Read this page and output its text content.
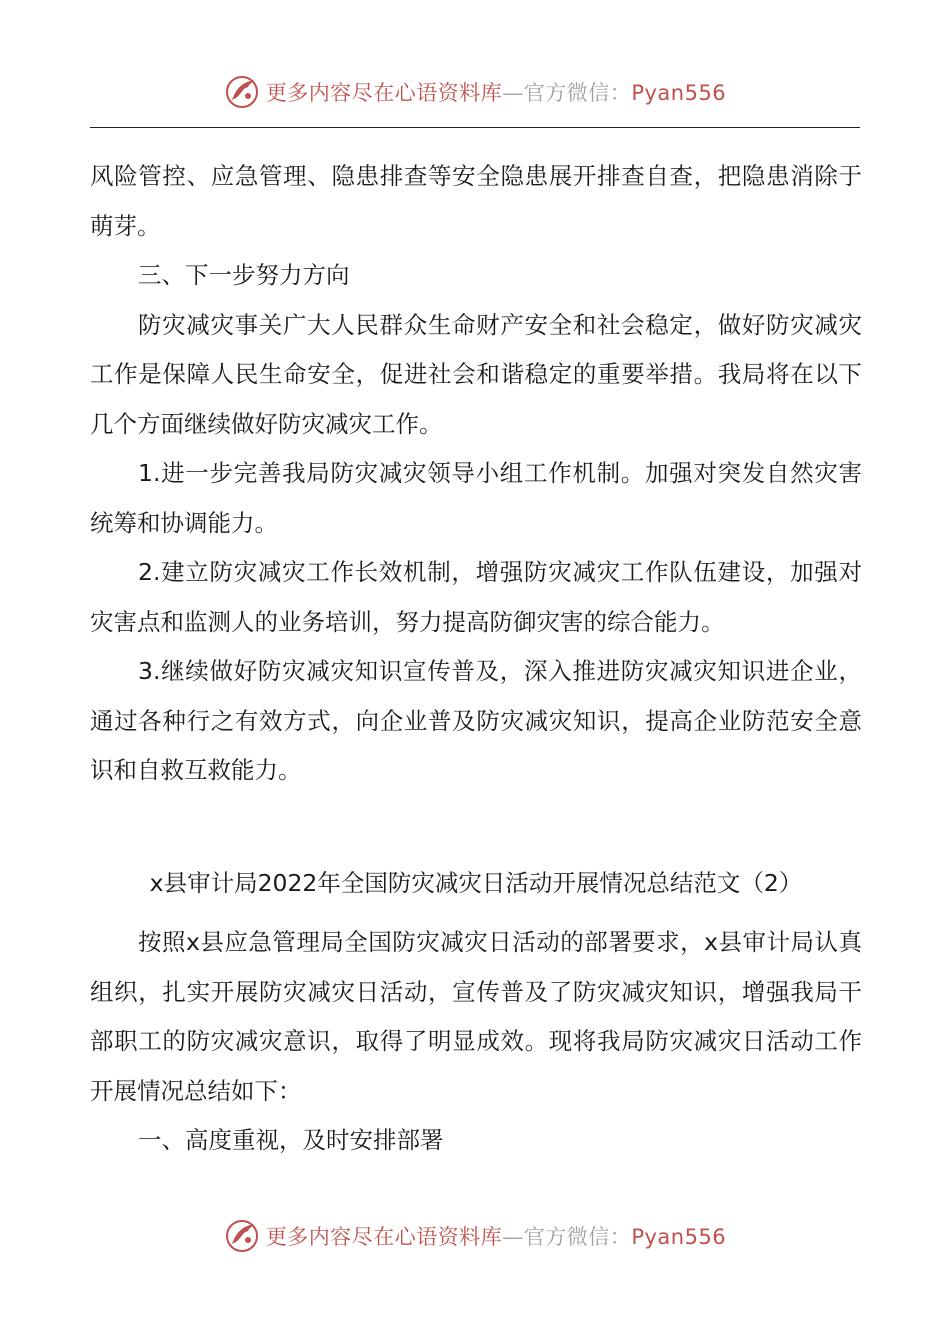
更多内容尽在心语资料库—官方微信：Pyan556

风险管控、应急管理、隐患排查等安全隐患展开排查自查，把隐患消除于萌芽。

三、下一步努力方向

防灾减灾事关广大人民群众生命财产安全和社会稳定，做好防灾减灾工作是保障人民生命安全，促进社会和谐稳定的重要举措。我局将在以下几个方面继续做好防灾减灾工作。

1.进一步完善我局防灾减灾领导小组工作机制。加强对突发自然灾害统筹和协调能力。

2.建立防灾减灾工作长效机制，增强防灾减灾工作队伍建设，加强对灾害点和监测人的业务培训，努力提高防御灾害的综合能力。

3.继续做好防灾减灾知识宣传普及，深入推进防灾减灾知识进企业，通过各种行之有效方式，向企业普及防灾减灾知识，提高企业防范安全意识和自救互救能力。

x县审计局2022年全国防灾减灾日活动开展情况总结范文（2）

按照x县应急管理局全国防灾减灾日活动的部署要求，x县审计局认真组织，扎实开展防灾减灾日活动，宣传普及了防灾减灾知识，增强我局干部职工的防灾减灾意识，取得了明显成效。现将我局防灾减灾日活动工作开展情况总结如下：

一、高度重视，及时安排部署

更多内容尽在心语资料库—官方微信：Pyan556
